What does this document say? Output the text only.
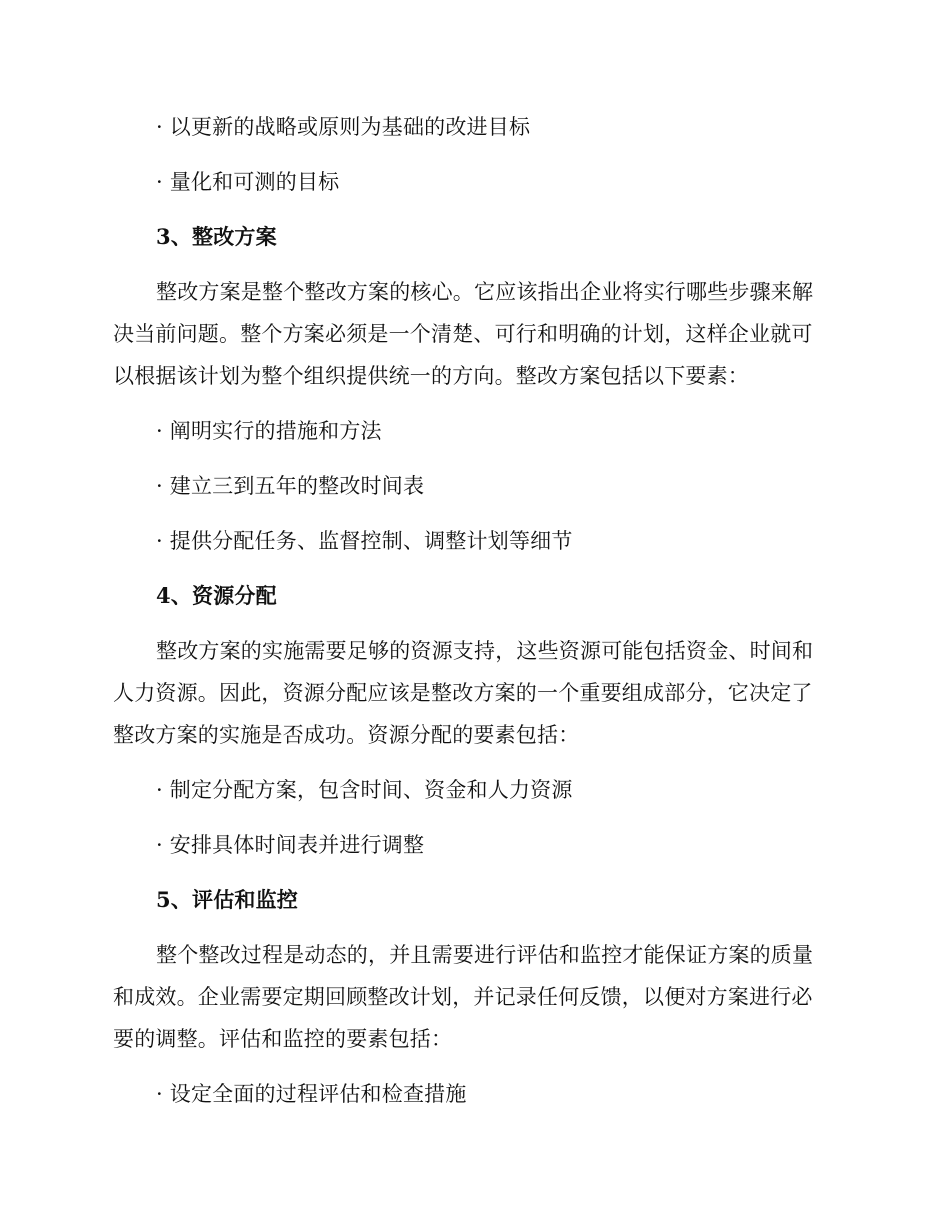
· 以更新的战略或原则为基础的改进目标
· 量化和可测的目标
3、整改方案
整改方案是整个整改方案的核心。它应该指出企业将实行哪些步骤来解
决当前问题。整个方案必须是一个清楚、可行和明确的计划，这样企业就可
以根据该计划为整个组织提供统一的方向。整改方案包括以下要素：
· 阐明实行的措施和方法
· 建立三到五年的整改时间表
· 提供分配任务、监督控制、调整计划等细节
4、资源分配
整改方案的实施需要足够的资源支持，这些资源可能包括资金、时间和
人力资源。因此，资源分配应该是整改方案的一个重要组成部分，它决定了
整改方案的实施是否成功。资源分配的要素包括：
· 制定分配方案，包含时间、资金和人力资源
· 安排具体时间表并进行调整
5、评估和监控
整个整改过程是动态的，并且需要进行评估和监控才能保证方案的质量
和成效。企业需要定期回顾整改计划，并记录任何反馈，以便对方案进行必
要的调整。评估和监控的要素包括：
· 设定全面的过程评估和检查措施
